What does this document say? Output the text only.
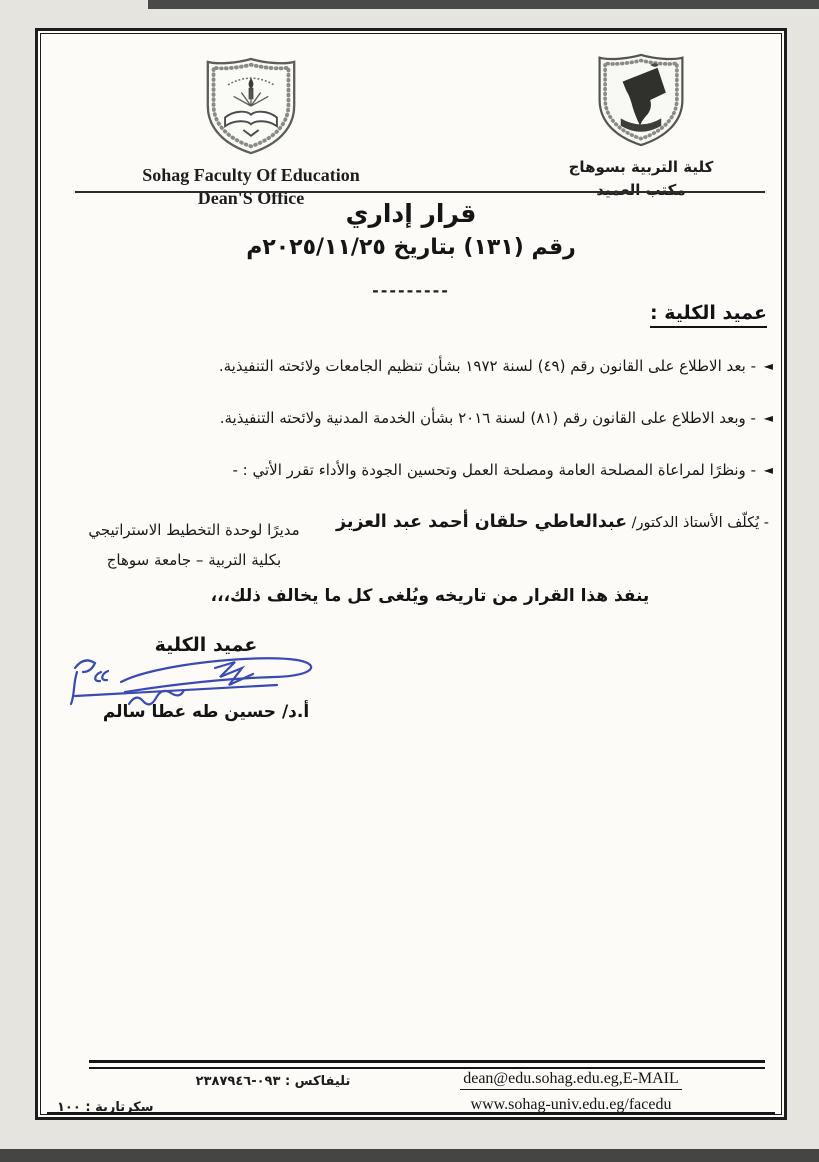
Sohag Faculty Of Education
Dean'S Office
كلية التربية بسوهاج
مكتب العميد
قرار إداري
رقم (١٣١) بتاريخ ٢٠٢٥/١١/٢٥م
---------
عميد الكلية :
◄ - بعد الاطلاع على القانون رقم (٤٩) لسنة ١٩٧٢ بشأن تنظيم الجامعات ولائحته التنفيذية.
◄ - وبعد الاطلاع على القانون رقم (٨١) لسنة ٢٠١٦ بشأن الخدمة المدنية ولائحته التنفيذية.
◄ - ونظرًا لمراعاة المصلحة العامة ومصلحة العمل وتحسين الجودة والأداء تقرر الأتي : -
- يُكلّف الأستاذ الدكتور/ عبدالعاطي حلقان أحمد عبد العزيز
مديرًا لوحدة التخطيط الاستراتيجي
بكلية التربية – جامعة سوهاج
ينفذ هذا القرار من تاريخه ويُلغى كل ما يخالف ذلك،،،
عميد الكلية
أ.د/ حسين طه عطا سالم
تليفاكس : ٠٩٣-٢٣٨٧٩٤٦
سكرتارية : ١٠٠
dean@edu.sohag.edu.eg,E-MAIL
www.sohag-univ.edu.eg/facedu
